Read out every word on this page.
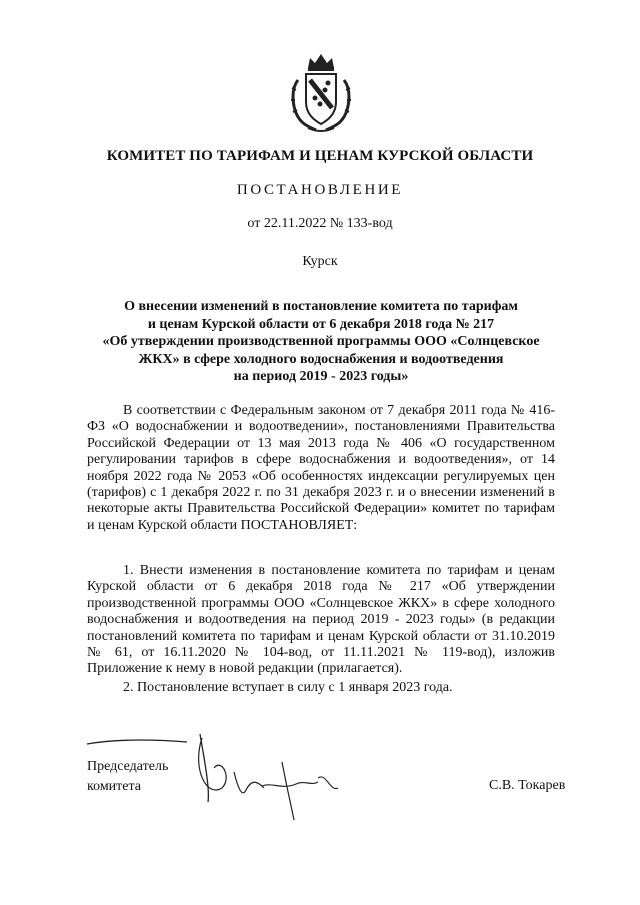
КОМИТЕТ ПО ТАРИФАМ И ЦЕНАМ КУРСКОЙ ОБЛАСТИ
ПОСТАНОВЛЕНИЕ
от 22.11.2022 № 133-вод
Курск
О внесении изменений в постановление комитета по тарифам
и ценам Курской области от 6 декабря 2018 года № 217
«Об утверждении производственной программы ООО «Солнцевское
ЖКХ» в сфере холодного водоснабжения и водоотведения
на период 2019 - 2023 годы»

В соответствии с Федеральным законом от 7 декабря 2011 года № 416-ФЗ «О водоснабжении и водоотведении», постановлениями Правительства Российской Федерации от 13 мая 2013 года № 406 «О государственном регулировании тарифов в сфере водоснабжения и водоотведения», от 14 ноября 2022 года № 2053 «Об особенностях индексации регулируемых цен (тарифов) с 1 декабря 2022 г. по 31 декабря 2023 г. и о внесении изменений в некоторые акты Правительства Российской Федерации» комитет по тарифам и ценам Курской области ПОСТАНОВЛЯЕТ:

1. Внести изменения в постановление комитета по тарифам и ценам Курской области от 6 декабря 2018 года № 217 «Об утверждении производственной программы ООО «Солнцевское ЖКХ» в сфере холодного водоснабжения и водоотведения на период 2019 - 2023 годы» (в редакции постановлений комитета по тарифам и ценам Курской области от 31.10.2019 № 61, от 16.11.2020 № 104-вод, от 11.11.2021 № 119-вод), изложив Приложение к нему в новой редакции (прилагается).

2. Постановление вступает в силу с 1 января 2023 года.

Председатель
комитета	С.В. Токарев
